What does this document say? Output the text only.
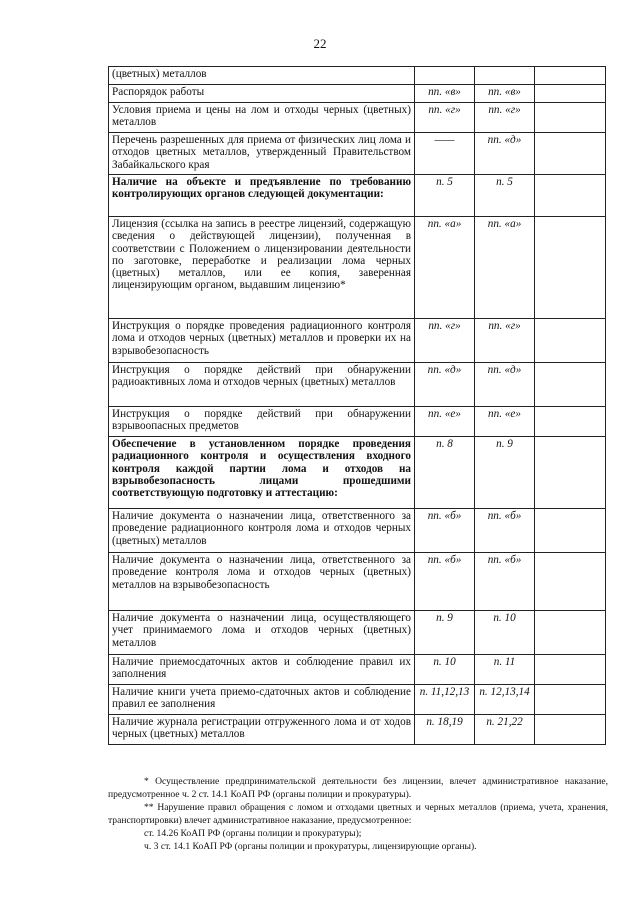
22
(цветных) металлов			
Распорядок работы	пп. «в»	пп. «в»	
Условия приема и цены на лом и отходы черных (цветных) металлов	пп. «г»	пп. «г»	
Перечень разрешенных для приема от физических лиц лома и отходов цветных металлов, утвержденный Правительством Забайкальского края	——	пп. «д»	
Наличие на объекте и предъявление по требованию контролирующих органов следующей документации:	п. 5	п. 5	
Лицензия (ссылка на запись в реестре лицензий, содержащую сведения о действующей лицензии), полученная в соответствии с Положением о лицензировании деятельности по заготовке, переработке и реализации лома черных (цветных) металлов, или ее копия, заверенная лицензирующим органом, выдавшим лицензию*	пп. «а»	пп. «а»	
Инструкция о порядке проведения радиационного контроля лома и отходов черных (цветных) металлов и проверки их на взрывобезопасность	пп. «г»	пп. «г»	
Инструкция о порядке действий при обнаружении радиоактивных лома и отходов черных (цветных) металлов	пп. «д»	пп. «д»	
Инструкция о порядке действий при обнаружении взрывоопасных предметов	пп. «е»	пп. «е»	
Обеспечение в установленном порядке проведения радиационного контроля и осуществления входного контроля каждой партии лома и отходов на взрывобезопасность лицами прошедшими соответствующую подготовку и аттестацию:	п. 8	п. 9	
Наличие документа о назначении лица, ответственного за проведение радиационного контроля лома и отходов черных (цветных) металлов	пп. «б»	пп. «б»	
Наличие документа о назначении лица, ответственного за проведение контроля лома и отходов черных (цветных) металлов на взрывобезопасность	пп. «б»	пп. «б»	
Наличие документа о назначении лица, осуществляющего учет принимаемого лома и отходов черных (цветных) металлов	п. 9	п. 10	
Наличие приемосдаточных актов и соблюдение правил их заполнения	п. 10	п. 11	
Наличие книги учета приемо-сдаточных актов и соблюдение правил ее заполнения	п. 11,12,13	п. 12,13,14	
Наличие журнала регистрации отгруженного лома и от ходов черных (цветных) металлов	п. 18,19	п. 21,22	

* Осуществление предпринимательской деятельности без лицензии, влечет административное наказание, предусмотренное ч. 2 ст. 14.1 КоАП РФ (органы полиции и прокуратуры).

** Нарушение правил обращения с ломом и отходами цветных и черных металлов (приема, учета, хранения, транспортировки) влечет административное наказание, предусмотренное:

ст. 14.26 КоАП РФ (органы полиции и прокуратуры);

ч. 3 ст. 14.1 КоАП РФ (органы полиции и прокуратуры, лицензирующие органы).
